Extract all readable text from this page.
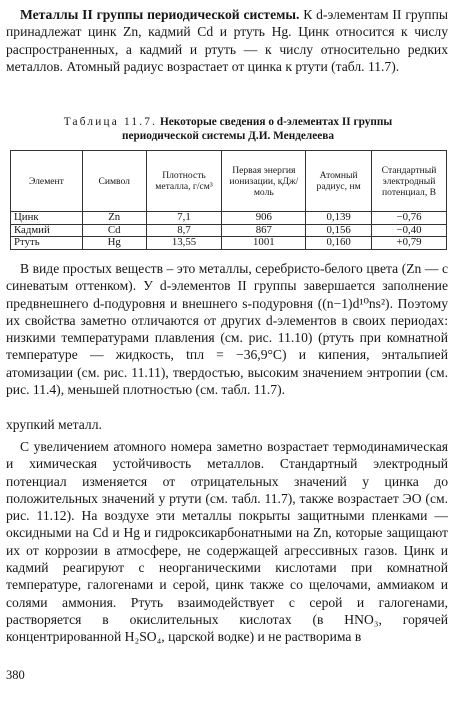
Металлы II группы периодической системы. К d-элементам II группы принадлежат цинк Zn, кадмий Cd и ртуть Hg. Цинк относится к числу распространенных, а кадмий и ртуть — к числу относительно редких металлов. Атомный радиус возрастает от цинка к ртути (табл. 11.7).
Таблица 11.7. Некоторые сведения о d-элементах II группы
периодической системы Д.И. Менделеева
Элемент	Символ	Плотность металла, г/см³	Первая энергия ионизации, кДж/моль	Атомный радиус, нм	Стандартный электродный потенциал, В
Цинк	Zn	7,1	906	0,139	−0,76
Кадмий	Cd	8,7	867	0,156	−0,40
Ртуть	Hg	13,55	1001	0,160	+0,79
В виде простых веществ – это металлы, серебристо-белого цвета (Zn — с синеватым оттенком). У d-элементов II группы завершается заполнение предвнешнего d-подуровня и внешнего s-подуровня ((n−1)d¹⁰ns²). Поэтому их свойства заметно отличаются от других d-элементов в своих периодах: низкими температурами плавления (см. рис. 11.10) (ртуть при комнатной температуре — жидкость, tпл = −36,9°C) и кипения, энтальпией атомизации (см. рис. 11.11), твердостью, высоким значением энтропии (см. рис. 11.4), меньшей плотностью (см. табл. 11.7).
хрупкий металл.
С увеличением атомного номера заметно возрастает термодинамическая и химическая устойчивость металлов. Стандартный электродный потенциал изменяется от отрицательных значений у цинка до положительных значений у ртути (см. табл. 11.7), также возрастает ЭО (см. рис. 11.12). На воздухе эти металлы покрыты защитными пленками — оксидными на Cd и Hg и гидроксикарбонатными на Zn, которые защищают их от коррозии в атмосфере, не содержащей агрессивных газов. Цинк и кадмий реагируют с неорганическими кислотами при комнатной температуре, галогенами и серой, цинк также со щелочами, аммиаком и солями аммония. Ртуть взаимодействует с серой и галогенами, растворяется в окислительных кислотах (в HNO₃, горячей концентрированной H₂SO₄, царской водке) и не растворима в
380
